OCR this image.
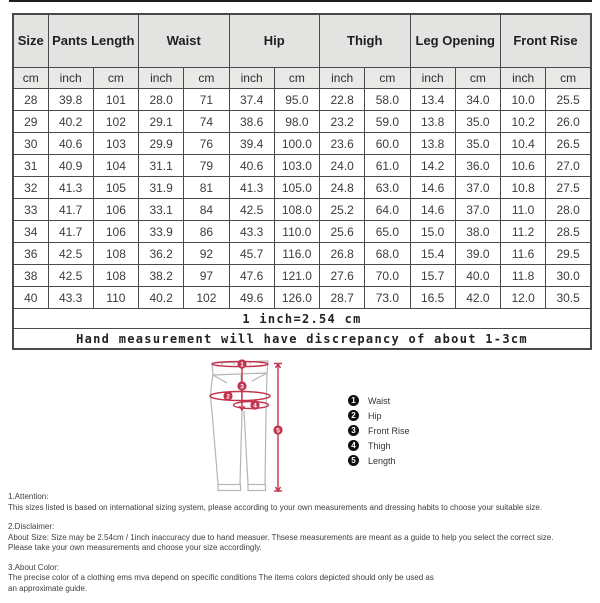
Size	Pants Length		Waist		Hip		Thigh		Leg Opening		Front Rise	
cm	inch	cm	inch	cm	inch	cm	inch	cm	inch	cm	inch	cm
28	39.8	101	28.0	71	37.4	95.0	22.8	58.0	13.4	34.0	10.0	25.5
29	40.2	102	29.1	74	38.6	98.0	23.2	59.0	13.8	35.0	10.2	26.0
30	40.6	103	29.9	76	39.4	100.0	23.6	60.0	13.8	35.0	10.4	26.5
31	40.9	104	31.1	79	40.6	103.0	24.0	61.0	14.2	36.0	10.6	27.0
32	41.3	105	31.9	81	41.3	105.0	24.8	63.0	14.6	37.0	10.8	27.5
33	41.7	106	33.1	84	42.5	108.0	25.2	64.0	14.6	37.0	11.0	28.0
34	41.7	106	33.9	86	43.3	110.0	25.6	65.0	15.0	38.0	11.2	28.5
36	42.5	108	36.2	92	45.7	116.0	26.8	68.0	15.4	39.0	11.6	29.5
38	42.5	108	38.2	97	47.6	121.0	27.6	70.0	15.7	40.0	11.8	30.0
40	43.3	110	40.2	102	49.6	126.0	28.7	73.0	16.5	42.0	12.0	30.5
1 inch=2.54 cm												
Hand measurement will have discrepancy of about 1-3cm												
1
2
3
4
5
1	Waist
2	Hip
3	Front Rise
4	Thigh
5	Length
1.Attention:
This sizes listed is based on international sizing system, please according to your own measurements and dressing habits to choose your suitable size.
2.Disclaimer:
About Size: Size may be 2.54cm / 1inch inaccuracy due to hand measuer. Thsese measurements are meant as a guide to help you select the correct size.
Please take your own measurements and choose your size accordingly.
3.About Color:
The precise color of a clothing ems mva depend on specific conditions The items colors depicted should only be used as
an approximate guide.
